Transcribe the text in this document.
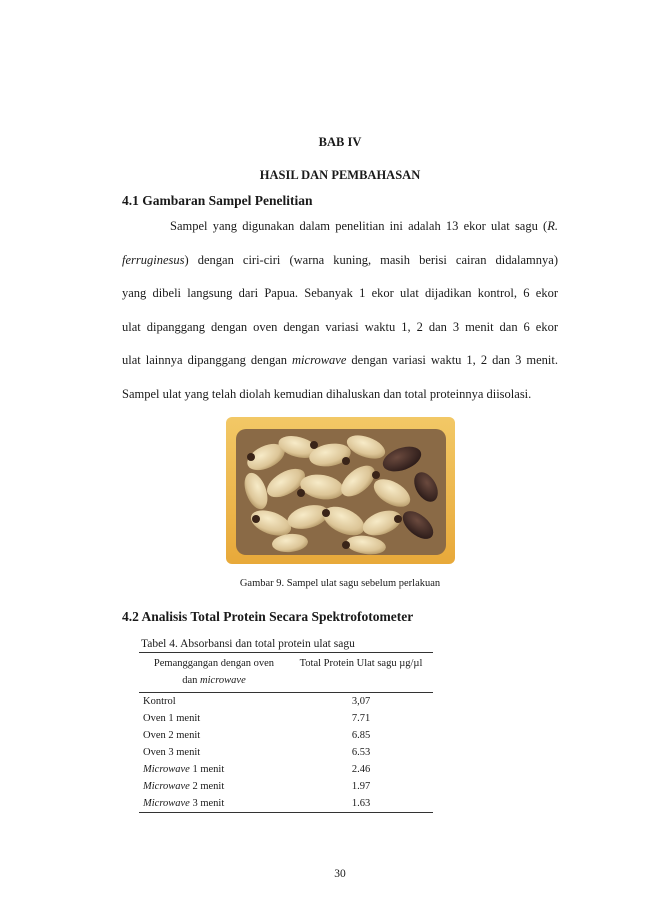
BAB IV
HASIL DAN PEMBAHASAN
4.1 Gambaran Sampel Penelitian
Sampel yang digunakan dalam penelitian ini adalah 13 ekor ulat sagu (R.
ferruginesus) dengan ciri-ciri (warna kuning, masih berisi cairan didalamnya)
yang dibeli langsung dari Papua. Sebanyak 1 ekor ulat dijadikan kontrol, 6 ekor
ulat dipanggang dengan oven dengan variasi waktu 1, 2 dan 3 menit dan 6 ekor
ulat lainnya dipanggang dengan microwave dengan variasi waktu 1, 2 dan 3 menit.
Sampel ulat yang telah diolah kemudian dihaluskan dan total proteinnya diisolasi.
Gambar 9. Sampel ulat sagu sebelum perlakuan
4.2 Analisis Total Protein Secara Spektrofotometer
Tabel 4. Absorbansi dan total protein ulat sagu
Pemanggangan dengan oven
dan microwave	Total Protein Ulat sagu µg/µl
Kontrol	3,07
Oven 1 menit	7.71
Oven 2 menit	6.85
Oven 3 menit	6.53
Microwave 1 menit	2.46
Microwave 2 menit	1.97
Microwave 3 menit	1.63
30
